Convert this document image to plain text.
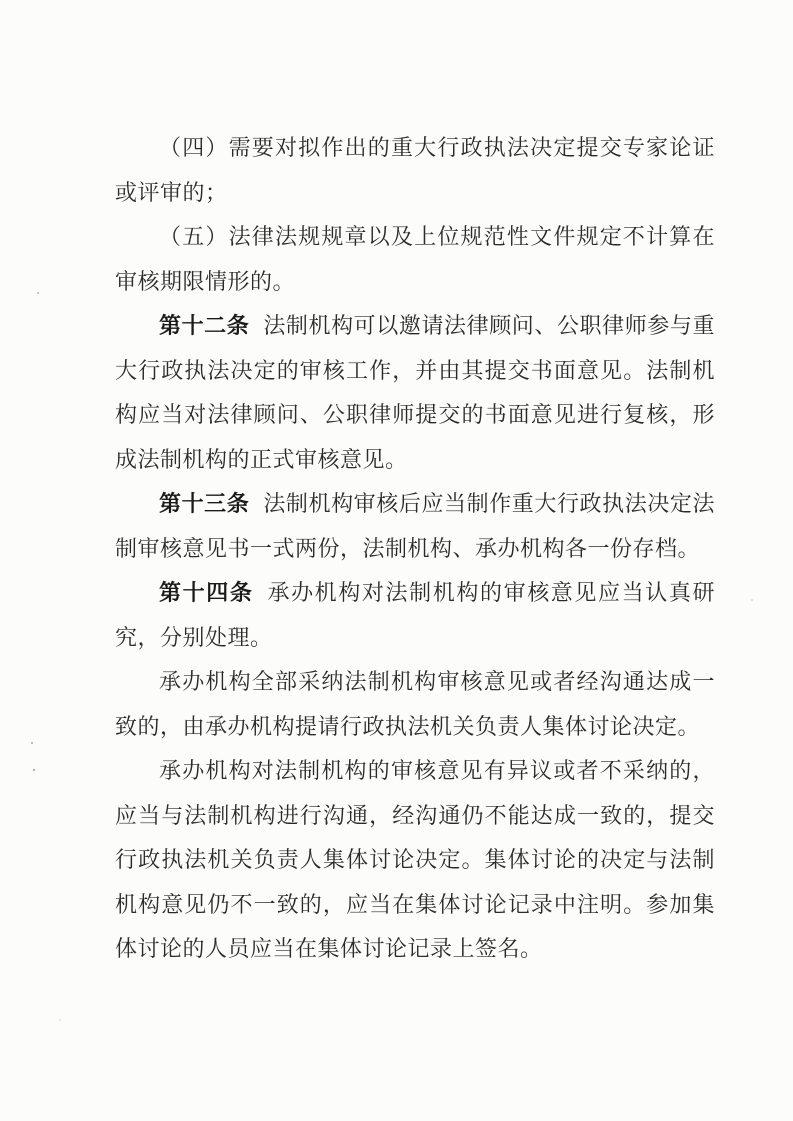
（四）需要对拟作出的重大行政执法决定提交专家论证或评审的；

（五）法律法规规章以及上位规范性文件规定不计算在审核期限情形的。

第十二条 法制机构可以邀请法律顾问、公职律师参与重大行政执法决定的审核工作，并由其提交书面意见。法制机构应当对法律顾问、公职律师提交的书面意见进行复核，形成法制机构的正式审核意见。

第十三条 法制机构审核后应当制作重大行政执法决定法制审核意见书一式两份，法制机构、承办机构各一份存档。

第十四条 承办机构对法制机构的审核意见应当认真研究，分别处理。

承办机构全部采纳法制机构审核意见或者经沟通达成一致的，由承办机构提请行政执法机关负责人集体讨论决定。

承办机构对法制机构的审核意见有异议或者不采纳的，应当与法制机构进行沟通，经沟通仍不能达成一致的，提交行政执法机关负责人集体讨论决定。集体讨论的决定与法制机构意见仍不一致的，应当在集体讨论记录中注明。参加集体讨论的人员应当在集体讨论记录上签名。
